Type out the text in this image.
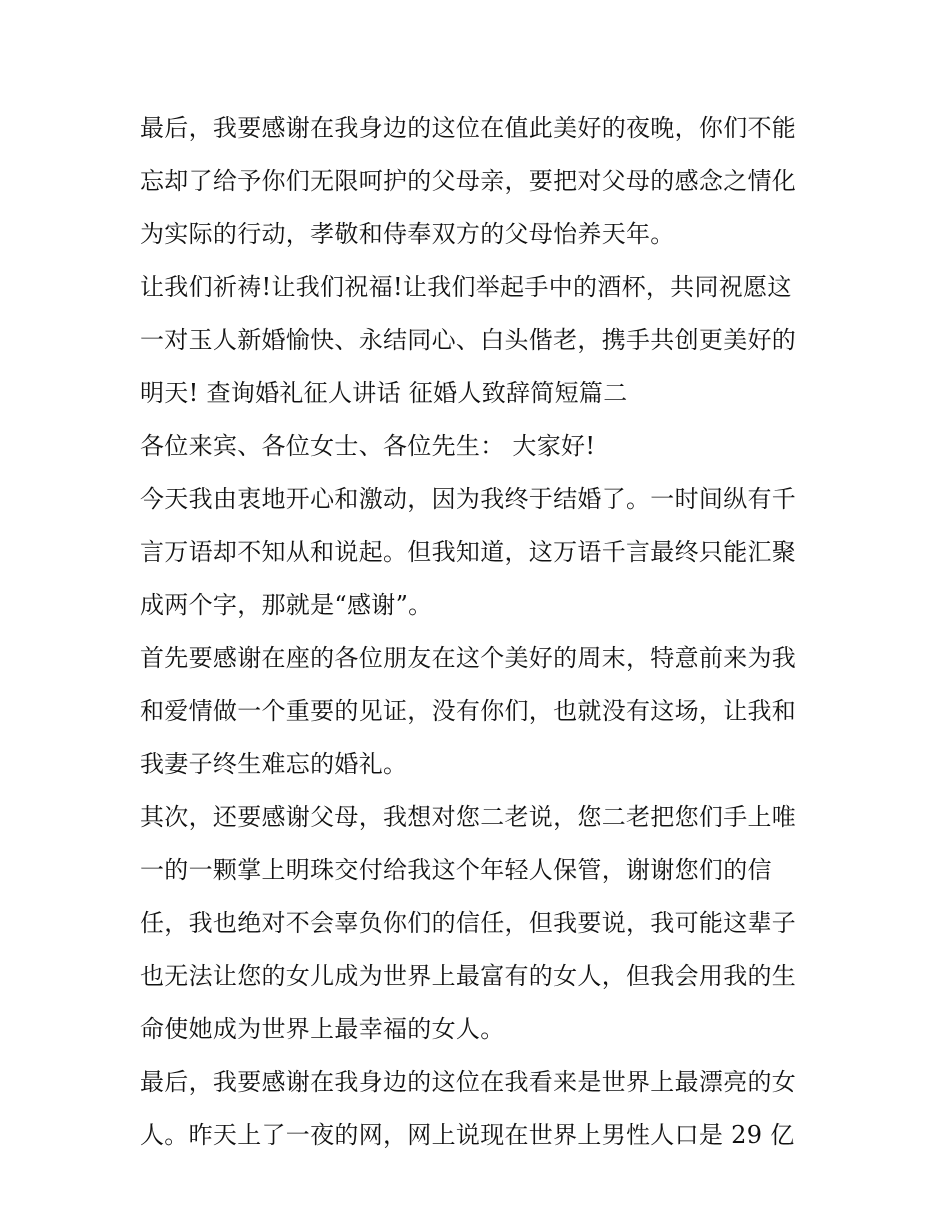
最后，我要感谢在我身边的这位在值此美好的夜晚，你们不能
忘却了给予你们无限呵护的父母亲，要把对父母的感念之情化
为实际的行动，孝敬和侍奉双方的父母怡养天年。
让我们祈祷!让我们祝福!让我们举起手中的酒杯，共同祝愿这
一对玉人新婚愉快、永结同心、白头偕老，携手共创更美好的
明天! 查询婚礼征人讲话 征婚人致辞简短篇二
各位来宾、各位女士、各位先生： 大家好!
今天我由衷地开心和激动，因为我终于结婚了。一时间纵有千
言万语却不知从和说起。但我知道，这万语千言最终只能汇聚
成两个字，那就是“感谢”。
首先要感谢在座的各位朋友在这个美好的周末，特意前来为我
和爱情做一个重要的见证，没有你们，也就没有这场，让我和
我妻子终生难忘的婚礼。
其次，还要感谢父母，我想对您二老说，您二老把您们手上唯
一的一颗掌上明珠交付给我这个年轻人保管，谢谢您们的信
任，我也绝对不会辜负你们的信任，但我要说，我可能这辈子
也无法让您的女儿成为世界上最富有的女人，但我会用我的生
命使她成为世界上最幸福的女人。
最后，我要感谢在我身边的这位在我看来是世界上最漂亮的女
人。昨天上了一夜的网，网上说现在世界上男性人口是 29 亿
